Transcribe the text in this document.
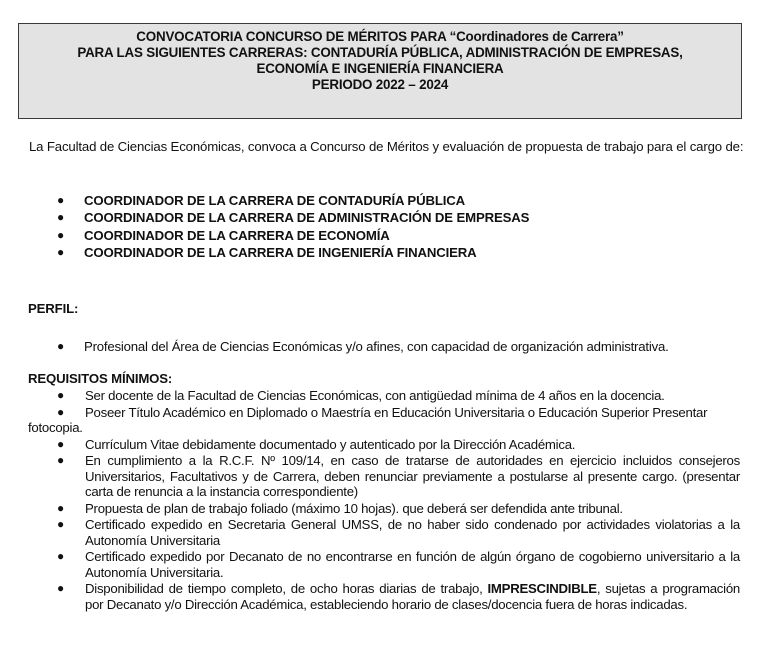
CONVOCATORIA CONCURSO DE MÉRITOS PARA “Coordinadores de Carrera”
PARA LAS SIGUIENTES CARRERAS: CONTADURÍA PÚBLICA, ADMINISTRACIÓN DE EMPRESAS,
ECONOMÍA E INGENIERÍA FINANCIERA
PERIODO 2022 – 2024
La Facultad de Ciencias Económicas, convoca a Concurso de Méritos y evaluación de propuesta de trabajo para el cargo de:
● COORDINADOR DE LA CARRERA DE CONTADURÍA PÚBLICA
● COORDINADOR DE LA CARRERA DE ADMINISTRACIÓN DE EMPRESAS
● COORDINADOR DE LA CARRERA DE ECONOMÍA
● COORDINADOR DE LA CARRERA DE INGENIERÍA FINANCIERA
PERFIL:
● Profesional del Área de Ciencias Económicas y/o afines, con capacidad de organización administrativa.
REQUISITOS MÍNIMOS:
● Ser docente de la Facultad de Ciencias Económicas, con antigüedad mínima de 4 años en la docencia.
● Poseer Título Académico en Diplomado o Maestría en Educación Universitaria o Educación Superior Presentar fotocopia.
● Currículum Vitae debidamente documentado y autenticado por la Dirección Académica.
● En cumplimiento a la R.C.F. Nº 109/14, en caso de tratarse de autoridades en ejercicio incluidos consejeros Universitarios, Facultativos y de Carrera, deben renunciar previamente a postularse al presente cargo. (presentar carta de renuncia a la instancia correspondiente)
● Propuesta de plan de trabajo foliado (máximo 10 hojas). que deberá ser defendida ante tribunal.
● Certificado expedido en Secretaria General UMSS, de no haber sido condenado por actividades violatorias a la Autonomía Universitaria
● Certificado expedido por Decanato de no encontrarse en función de algún órgano de cogobierno universitario a la Autonomía Universitaria.
● Disponibilidad de tiempo completo, de ocho horas diarias de trabajo, IMPRESCINDIBLE, sujetas a programación por Decanato y/o Dirección Académica, estableciendo horario de clases/docencia fuera de horas indicadas.
